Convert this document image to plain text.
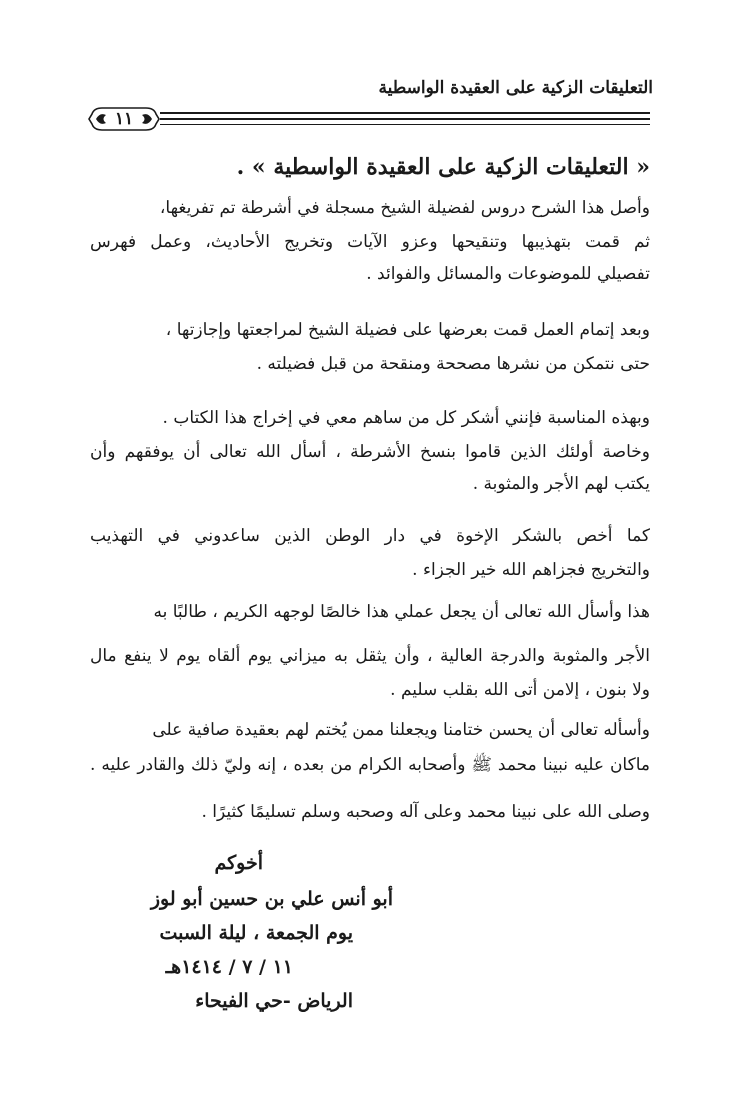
التعليقات الزكية على العقيدة الواسطية
١١
« التعليقات الزكية على العقيدة الواسطية » .
وأصل هذا الشرح دروس لفضيلة الشيخ مسجلة في أشرطة تم تفريغها،
ثم قمت بتهذيبها وتنقيحها وعزو الآيات وتخريج الأحاديث، وعمل فهرس
تفصيلي للموضوعات والمسائل والفوائد .
وبعد إتمام العمل قمت بعرضها على فضيلة الشيخ لمراجعتها وإجازتها ،
حتى نتمكن من نشرها مصححة ومنقحة من قبل فضيلته .
وبهذه المناسبة فإنني أشكر كل من ساهم معي في إخراج هذا الكتاب .
وخاصة أولئك الذين قاموا بنسخ الأشرطة ، أسأل الله تعالى أن يوفقهم وأن
يكتب لهم الأجر والمثوبة .
كما أخص بالشكر الإخوة في دار الوطن الذين ساعدوني في التهذيب
والتخريج فجزاهم الله خير الجزاء .
هذا وأسأل الله تعالى أن يجعل عملي هذا خالصًا لوجهه الكريم ، طالبًا به
الأجر والمثوبة والدرجة العالية ، وأن يثقل به ميزاني يوم ألقاه يوم لا ينفع مال
ولا بنون ، إلامن أتى الله بقلب سليم .
وأسأله تعالى أن يحسن ختامنا ويجعلنا ممن يُختم لهم بعقيدة صافية على
ماكان عليه نبينا محمد ﷺ وأصحابه الكرام من بعده ، إنه وليّ ذلك والقادر عليه .
وصلى الله على نبينا محمد وعلى آله وصحبه وسلم تسليمًا كثيرًا .
أخوكم
أبو أنس علي بن حسين أبو لوز
يوم الجمعة ، ليلة السبت
١١ / ٧ / ١٤١٤هـ
الرياض -حي الفيحاء
